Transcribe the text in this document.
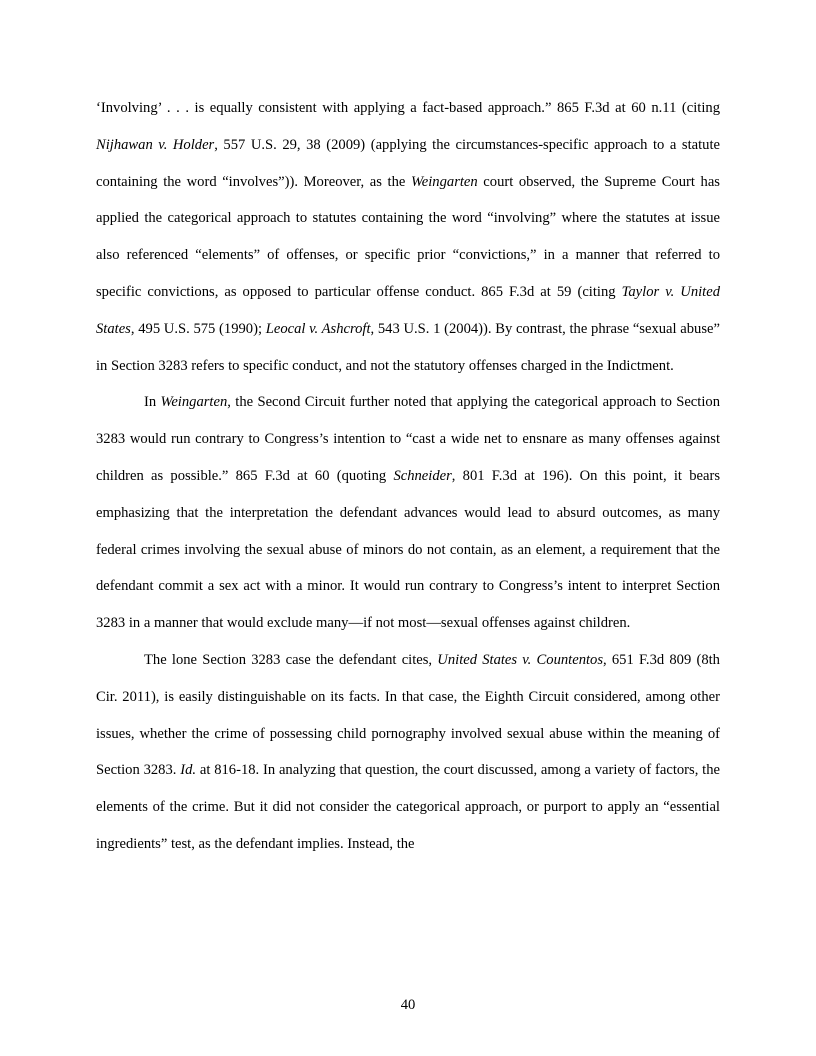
‘Involving’ . . . is equally consistent with applying a fact-based approach.” 865 F.3d at 60 n.11 (citing Nijhawan v. Holder, 557 U.S. 29, 38 (2009) (applying the circumstances-specific approach to a statute containing the word “involves”)). Moreover, as the Weingarten court observed, the Supreme Court has applied the categorical approach to statutes containing the word “involving” where the statutes at issue also referenced “elements” of offenses, or specific prior “convictions,” in a manner that referred to specific convictions, as opposed to particular offense conduct. 865 F.3d at 59 (citing Taylor v. United States, 495 U.S. 575 (1990); Leocal v. Ashcroft, 543 U.S. 1 (2004)). By contrast, the phrase “sexual abuse” in Section 3283 refers to specific conduct, and not the statutory offenses charged in the Indictment.

In Weingarten, the Second Circuit further noted that applying the categorical approach to Section 3283 would run contrary to Congress’s intention to “cast a wide net to ensnare as many offenses against children as possible.” 865 F.3d at 60 (quoting Schneider, 801 F.3d at 196). On this point, it bears emphasizing that the interpretation the defendant advances would lead to absurd outcomes, as many federal crimes involving the sexual abuse of minors do not contain, as an element, a requirement that the defendant commit a sex act with a minor. It would run contrary to Congress’s intent to interpret Section 3283 in a manner that would exclude many—if not most—sexual offenses against children.

The lone Section 3283 case the defendant cites, United States v. Countentos, 651 F.3d 809 (8th Cir. 2011), is easily distinguishable on its facts. In that case, the Eighth Circuit considered, among other issues, whether the crime of possessing child pornography involved sexual abuse within the meaning of Section 3283. Id. at 816-18. In analyzing that question, the court discussed, among a variety of factors, the elements of the crime. But it did not consider the categorical approach, or purport to apply an “essential ingredients” test, as the defendant implies. Instead, the

40
